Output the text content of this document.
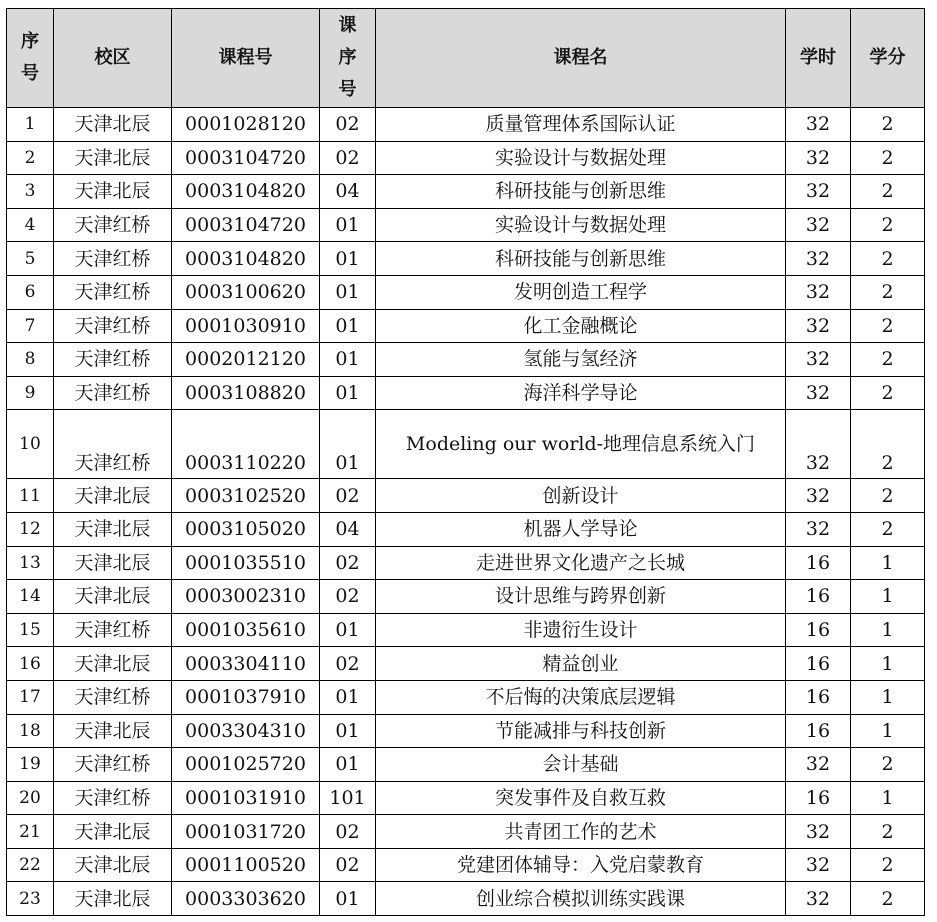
序号	校区	课程号	课序号	课程名	学时	学分
1	天津北辰	0001028120	02	质量管理体系国际认证	32	2
2	天津北辰	0003104720	02	实验设计与数据处理	32	2
3	天津北辰	0003104820	04	科研技能与创新思维	32	2
4	天津红桥	0003104720	01	实验设计与数据处理	32	2
5	天津红桥	0003104820	01	科研技能与创新思维	32	2
6	天津红桥	0003100620	01	发明创造工程学	32	2
7	天津红桥	0001030910	01	化工金融概论	32	2
8	天津红桥	0002012120	01	氢能与氢经济	32	2
9	天津红桥	0003108820	01	海洋科学导论	32	2
10	天津红桥	0003110220	01	Modeling our world-地理信息系统入门	32	2
11	天津北辰	0003102520	02	创新设计	32	2
12	天津北辰	0003105020	04	机器人学导论	32	2
13	天津北辰	0001035510	02	走进世界文化遗产之长城	16	1
14	天津北辰	0003002310	02	设计思维与跨界创新	16	1
15	天津红桥	0001035610	01	非遗衍生设计	16	1
16	天津北辰	0003304110	02	精益创业	16	1
17	天津红桥	0001037910	01	不后悔的决策底层逻辑	16	1
18	天津北辰	0003304310	01	节能减排与科技创新	16	1
19	天津红桥	0001025720	01	会计基础	32	2
20	天津红桥	0001031910	101	突发事件及自救互救	16	1
21	天津北辰	0001031720	02	共青团工作的艺术	32	2
22	天津北辰	0001100520	02	党建团体辅导：入党启蒙教育	32	2
23	天津北辰	0003303620	01	创业综合模拟训练实践课	32	2
